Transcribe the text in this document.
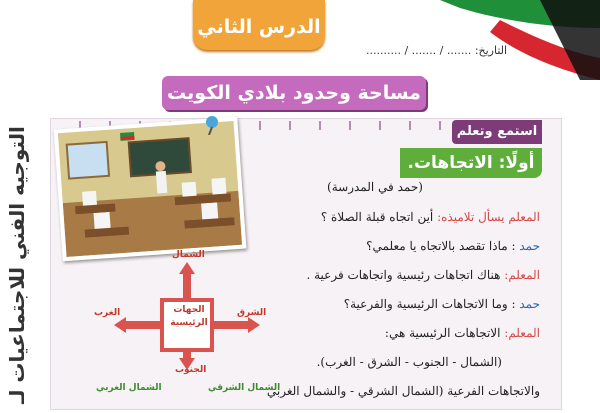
الدرس الثاني
التاريخ: ....... / ....... / ..........
مساحة وحدود بلادي الكويت
التوجيه الفني للاجتماعيات لـ	استمع وتعلم
أولًا: الاتجاهات.
(حمد في المدرسة)
المعلم يسأل تلاميذه: أين اتجاه قبلة الصلاة ؟
حمد : ماذا تقصد بالاتجاه يا معلمي؟
المعلم: هناك اتجاهات رئيسية واتجاهات فرعية .
حمد : وما الاتجاهات الرئيسية والفرعية؟
المعلم: الاتجاهات الرئيسية هي:
(الشمال - الجنوب - الشرق - الغرب).
والاتجاهات الفرعية (الشمال الشرقي - والشمال الغربي
الشمال
الجنوب
الشرق
الغرب	الجهات الرئيسية
الشمال الشرقي
الشمال الغربي
